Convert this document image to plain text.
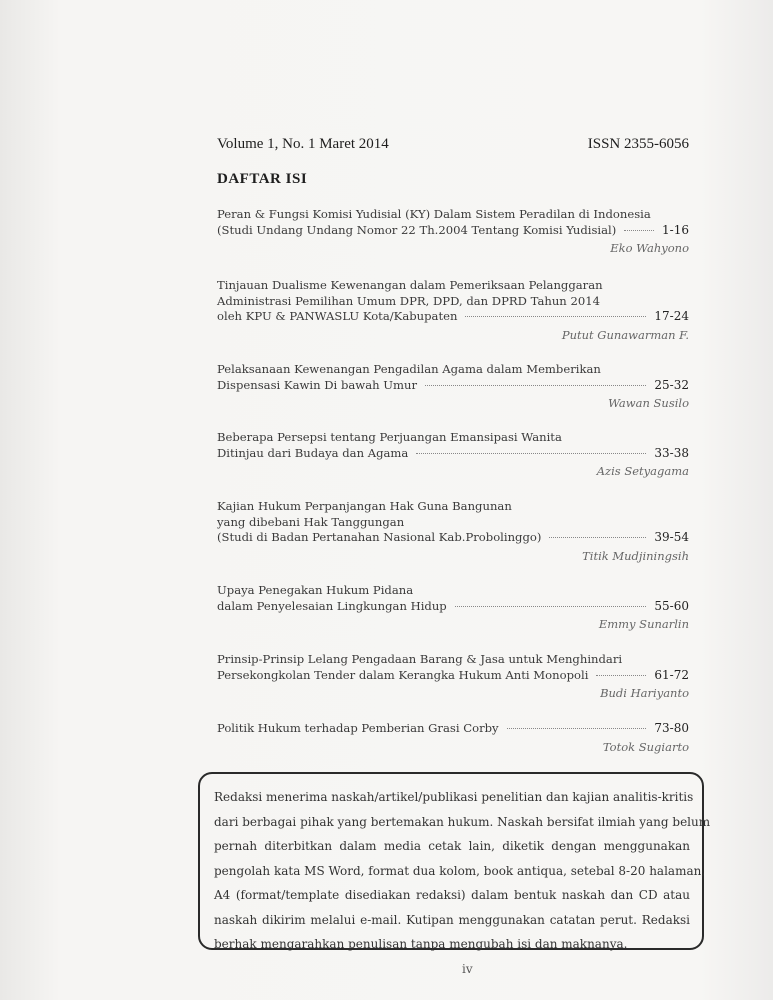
Volume 1, No. 1 Maret 2014	ISSN 2355-6056
DAFTAR ISI
Peran & Fungsi Komisi Yudisial (KY) Dalam Sistem Peradilan di Indonesia
(Studi Undang Undang Nomor 22 Th.2004 Tentang Komisi Yudisial)	1-16
Eko Wahyono
Tinjauan Dualisme Kewenangan dalam Pemeriksaan Pelanggaran
Administrasi Pemilihan Umum DPR, DPD, dan DPRD Tahun 2014
oleh KPU & PANWASLU Kota/Kabupaten	17-24
Putut Gunawarman F.
Pelaksanaan Kewenangan Pengadilan Agama dalam Memberikan
Dispensasi Kawin Di bawah Umur	25-32
Wawan Susilo
Beberapa Persepsi tentang Perjuangan Emansipasi Wanita
Ditinjau dari Budaya dan Agama	33-38
Azis Setyagama
Kajian Hukum Perpanjangan Hak Guna Bangunan
yang dibebani Hak Tanggungan
(Studi di Badan Pertanahan Nasional Kab.Probolinggo)	39-54
Titik Mudjiningsih
Upaya Penegakan Hukum Pidana
dalam Penyelesaian Lingkungan Hidup	55-60
Emmy Sunarlin
Prinsip-Prinsip Lelang Pengadaan Barang & Jasa untuk Menghindari
Persekongkolan Tender dalam Kerangka Hukum Anti Monopoli	61-72
Budi Hariyanto
Politik Hukum terhadap Pemberian Grasi Corby	73-80
Totok Sugiarto
Redaksi menerima naskah/artikel/publikasi penelitian dan kajian analitis-kritis
dari berbagai pihak yang bertemakan hukum. Naskah bersifat ilmiah yang belum
pernah diterbitkan dalam media cetak lain, diketik dengan menggunakan
pengolah kata MS Word, format dua kolom, book antiqua, setebal 8-20 halaman,
A4 (format/template disediakan redaksi) dalam bentuk naskah dan CD atau
naskah dikirim melalui e-mail. Kutipan menggunakan catatan perut. Redaksi
berhak mengarahkan penulisan tanpa mengubah isi dan maknanya.
iv
